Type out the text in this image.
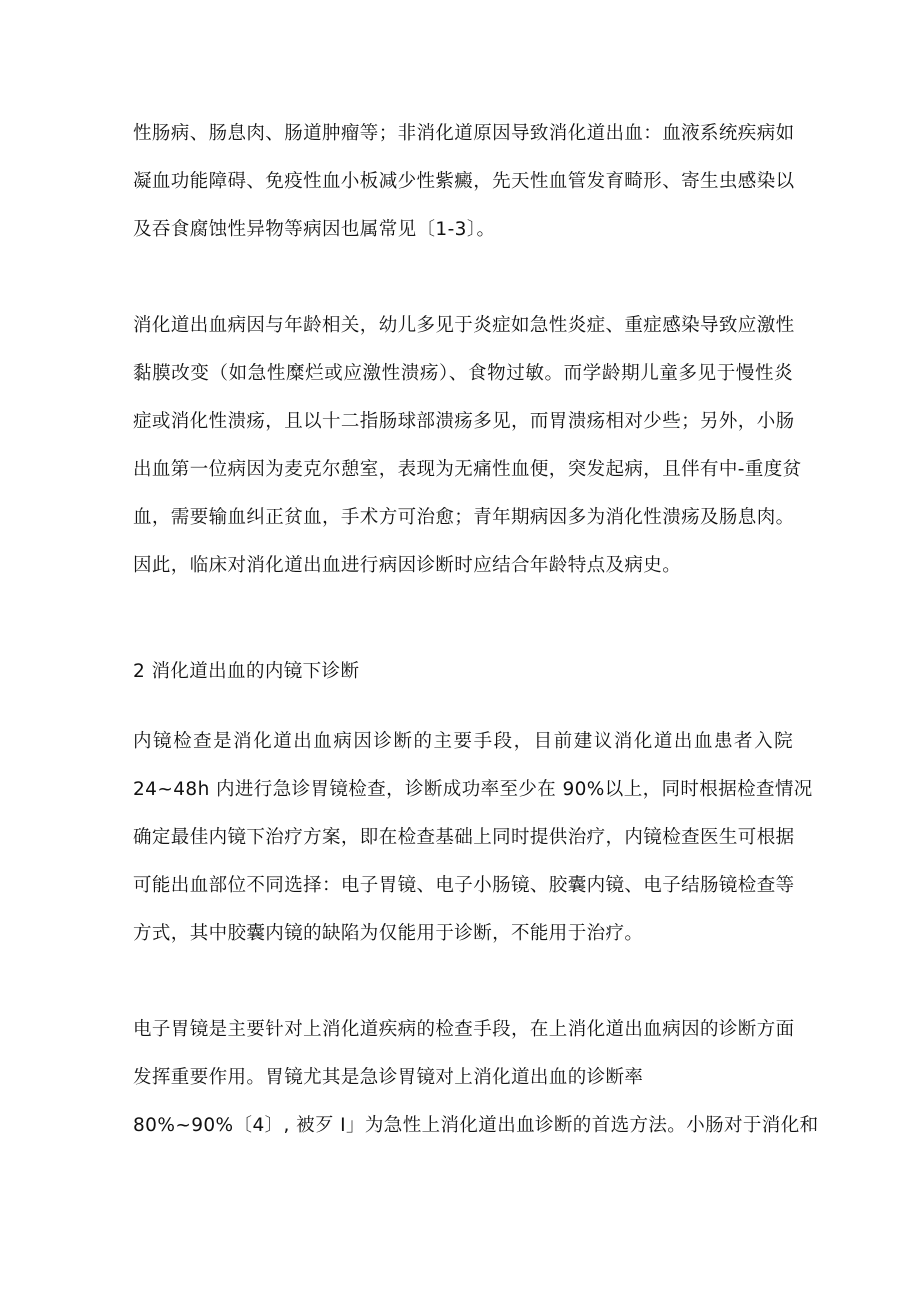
性肠病、肠息肉、肠道肿瘤等；非消化道原因导致消化道出血：血液系统疾病如
凝血功能障碍、免疫性血小板减少性紫癜，先天性血管发育畸形、寄生虫感染以
及吞食腐蚀性异物等病因也属常见〔1-3〕。
消化道出血病因与年龄相关，幼儿多见于炎症如急性炎症、重症感染导致应激性
黏膜改变（如急性糜烂或应激性溃疡）、食物过敏。而学龄期儿童多见于慢性炎
症或消化性溃疡，且以十二指肠球部溃疡多见，而胃溃疡相对少些；另外，小肠
出血第一位病因为麦克尔憩室，表现为无痛性血便，突发起病，且伴有中-重度贫
血，需要输血纠正贫血，手术方可治愈；青年期病因多为消化性溃疡及肠息肉。
因此，临床对消化道出血进行病因诊断时应结合年龄特点及病史。
2 消化道出血的内镜下诊断
内镜检查是消化道出血病因诊断的主要手段，目前建议消化道出血患者入院
24~48h 内进行急诊胃镜检查，诊断成功率至少在 90%以上，同时根据检查情况
确定最佳内镜下治疗方案，即在检查基础上同时提供治疗，内镜检查医生可根据
可能出血部位不同选择：电子胃镜、电子小肠镜、胶囊内镜、电子结肠镜检查等
方式，其中胶囊内镜的缺陷为仅能用于诊断，不能用于治疗。
电子胃镜是主要针对上消化道疾病的检查手段，在上消化道出血病因的诊断方面
发挥重要作用。胃镜尤其是急诊胃镜对上消化道出血的诊断率
80%~90%〔4〕, 被歹 I」为急性上消化道出血诊断的首选方法。小肠对于消化和
